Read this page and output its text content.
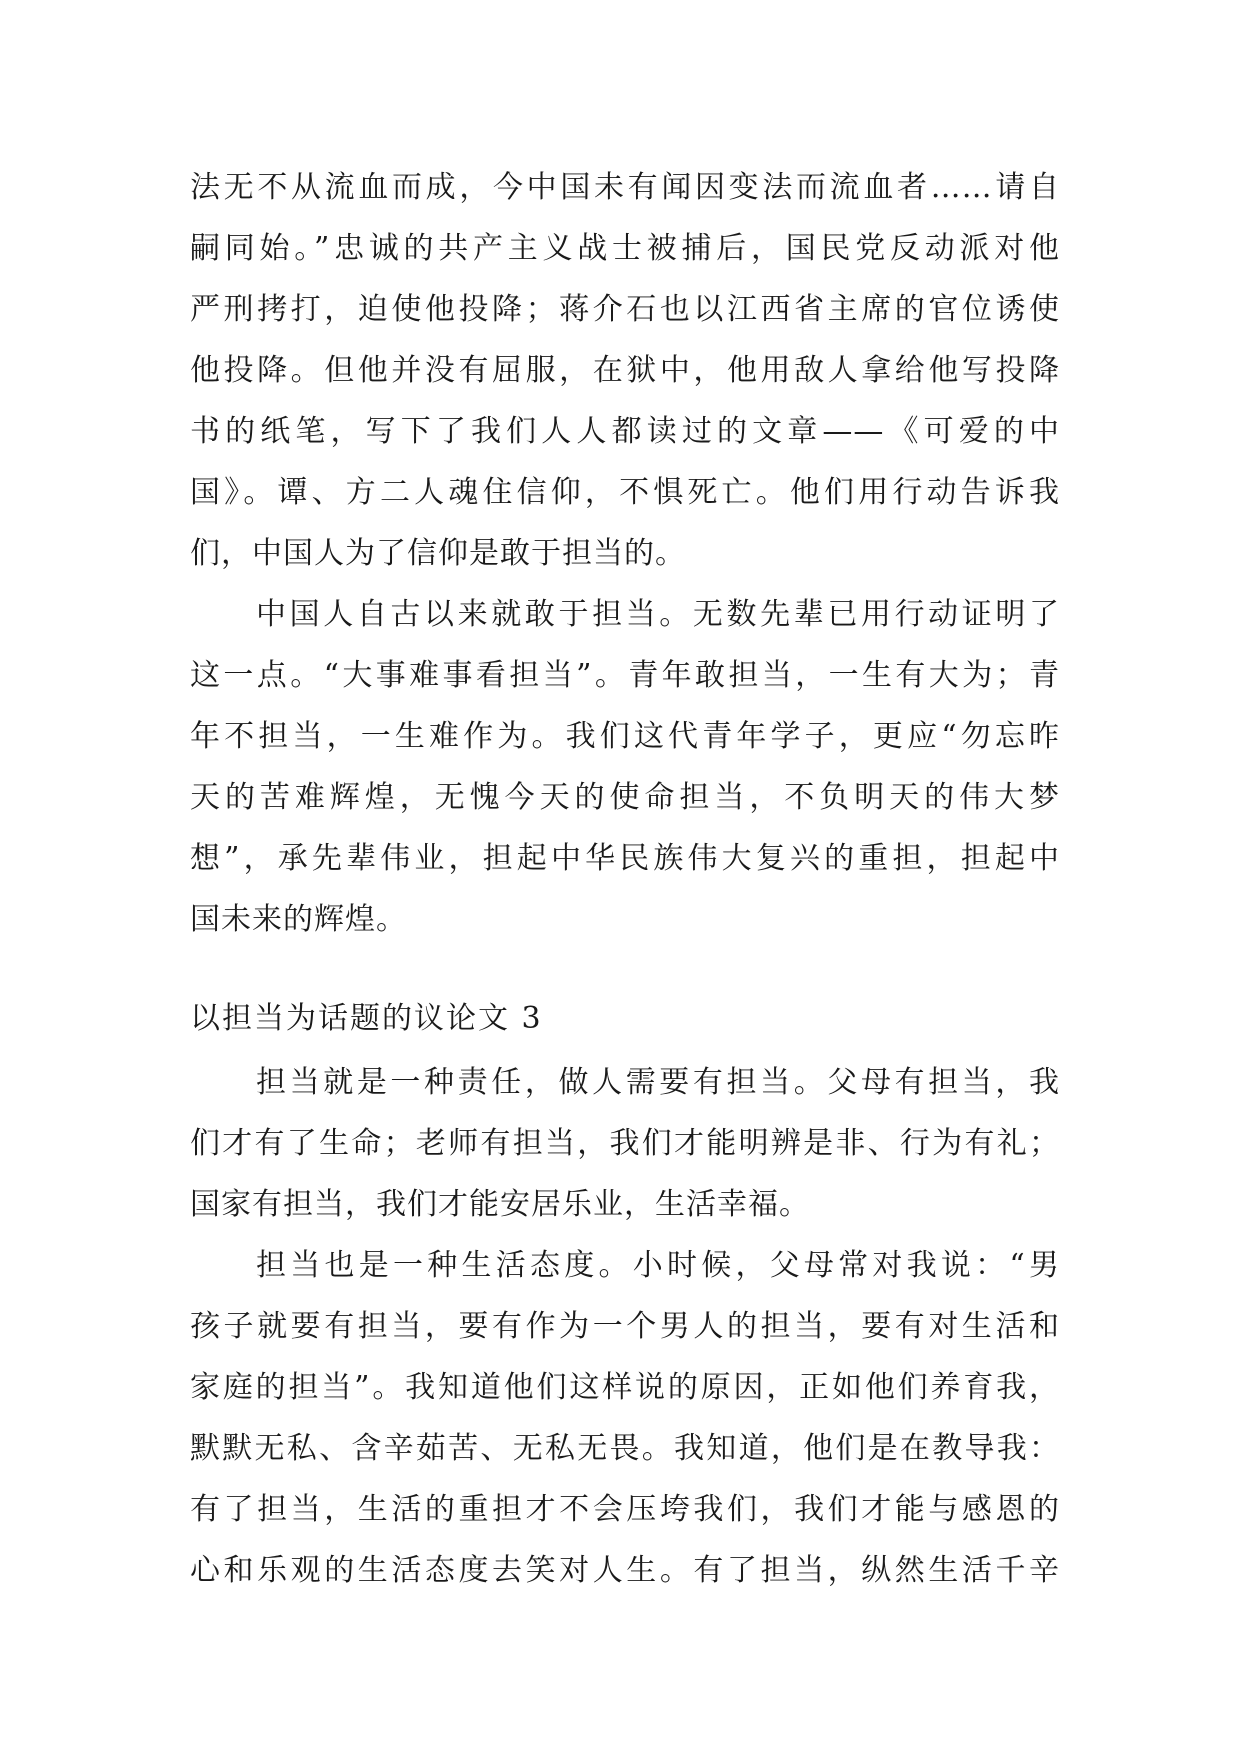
法无不从流血而成，今中国未有闻因变法而流血者……请自
嗣同始。”忠诚的共产主义战士被捕后，国民党反动派对他
严刑拷打，迫使他投降；蒋介石也以江西省主席的官位诱使
他投降。但他并没有屈服，在狱中，他用敌人拿给他写投降
书的纸笔，写下了我们人人都读过的文章——《可爱的中
国》。谭、方二人魂住信仰，不惧死亡。他们用行动告诉我
们，中国人为了信仰是敢于担当的。
中国人自古以来就敢于担当。无数先辈已用行动证明了
这一点。“大事难事看担当”。青年敢担当，一生有大为；青
年不担当，一生难作为。我们这代青年学子，更应“勿忘昨
天的苦难辉煌，无愧今天的使命担当，不负明天的伟大梦
想”，承先辈伟业，担起中华民族伟大复兴的重担，担起中
国未来的辉煌。
以担当为话题的议论文 3
担当就是一种责任，做人需要有担当。父母有担当，我
们才有了生命；老师有担当，我们才能明辨是非、行为有礼；
国家有担当，我们才能安居乐业，生活幸福。
担当也是一种生活态度。小时候，父母常对我说：“男
孩子就要有担当，要有作为一个男人的担当，要有对生活和
家庭的担当”。我知道他们这样说的原因，正如他们养育我，
默默无私、含辛茹苦、无私无畏。我知道，他们是在教导我：
有了担当，生活的重担才不会压垮我们，我们才能与感恩的
心和乐观的生活态度去笑对人生。有了担当，纵然生活千辛
